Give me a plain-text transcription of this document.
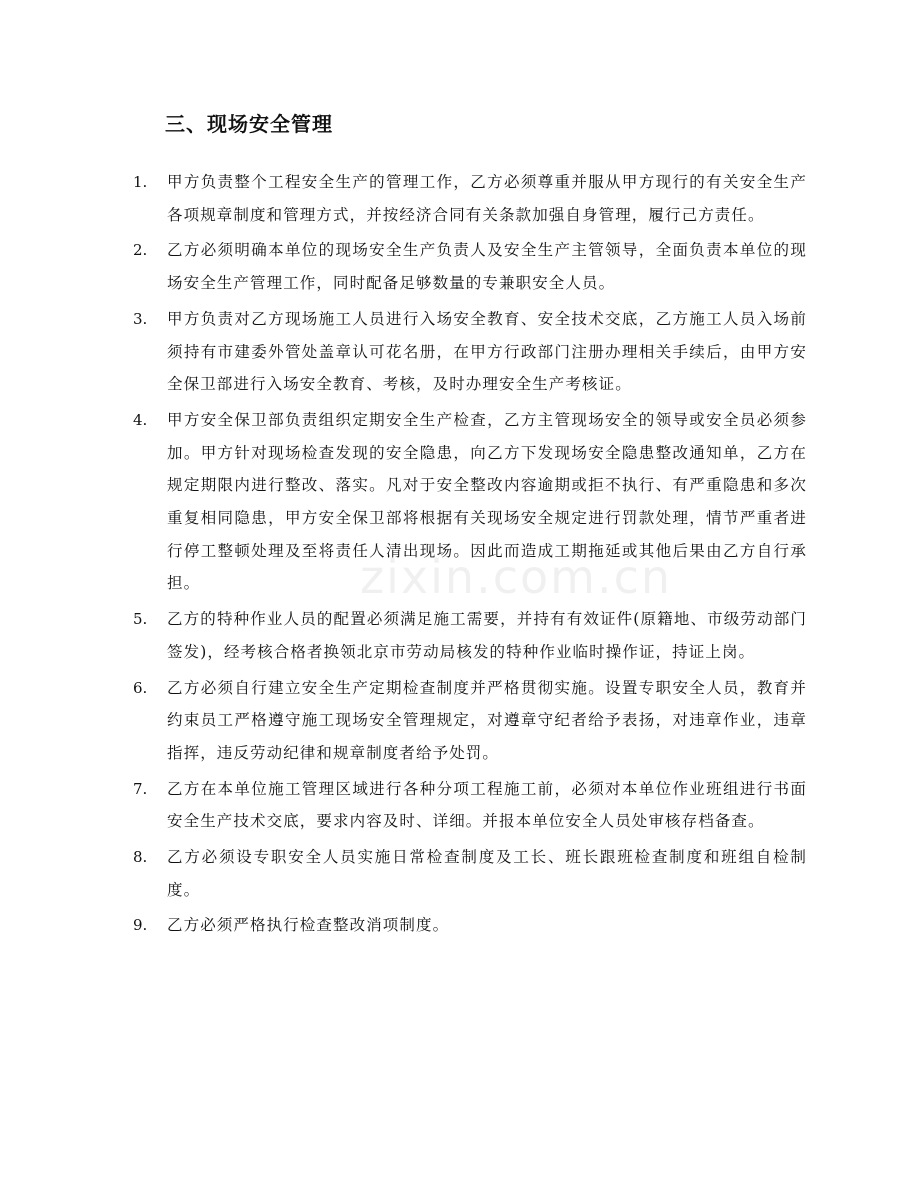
三、现场安全管理
zixin.com.cn
1.	甲方负责整个工程安全生产的管理工作，乙方必须尊重并服从甲方现行的有关安全生产各项规章制度和管理方式，并按经济合同有关条款加强自身管理，履行己方责任。
2.	乙方必须明确本单位的现场安全生产负责人及安全生产主管领导，全面负责本单位的现场安全生产管理工作，同时配备足够数量的专兼职安全人员。
3.	甲方负责对乙方现场施工人员进行入场安全教育、安全技术交底，乙方施工人员入场前须持有市建委外管处盖章认可花名册，在甲方行政部门注册办理相关手续后，由甲方安全保卫部进行入场安全教育、考核，及时办理安全生产考核证。
4.	甲方安全保卫部负责组织定期安全生产检查，乙方主管现场安全的领导或安全员必须参加。甲方针对现场检查发现的安全隐患，向乙方下发现场安全隐患整改通知单，乙方在规定期限内进行整改、落实。凡对于安全整改内容逾期或拒不执行、有严重隐患和多次重复相同隐患，甲方安全保卫部将根据有关现场安全规定进行罚款处理，情节严重者进行停工整顿处理及至将责任人清出现场。因此而造成工期拖延或其他后果由乙方自行承担。
5.	乙方的特种作业人员的配置必须满足施工需要，并持有有效证件(原籍地、市级劳动部门签发)，经考核合格者换领北京市劳动局核发的特种作业临时操作证，持证上岗。
6.	乙方必须自行建立安全生产定期检查制度并严格贯彻实施。设置专职安全人员，教育并约束员工严格遵守施工现场安全管理规定，对遵章守纪者给予表扬，对违章作业，违章指挥，违反劳动纪律和规章制度者给予处罚。
7.	乙方在本单位施工管理区域进行各种分项工程施工前，必须对本单位作业班组进行书面安全生产技术交底，要求内容及时、详细。并报本单位安全人员处审核存档备查。
8.	乙方必须设专职安全人员实施日常检查制度及工长、班长跟班检查制度和班组自检制度。
9.	乙方必须严格执行检查整改消项制度。
